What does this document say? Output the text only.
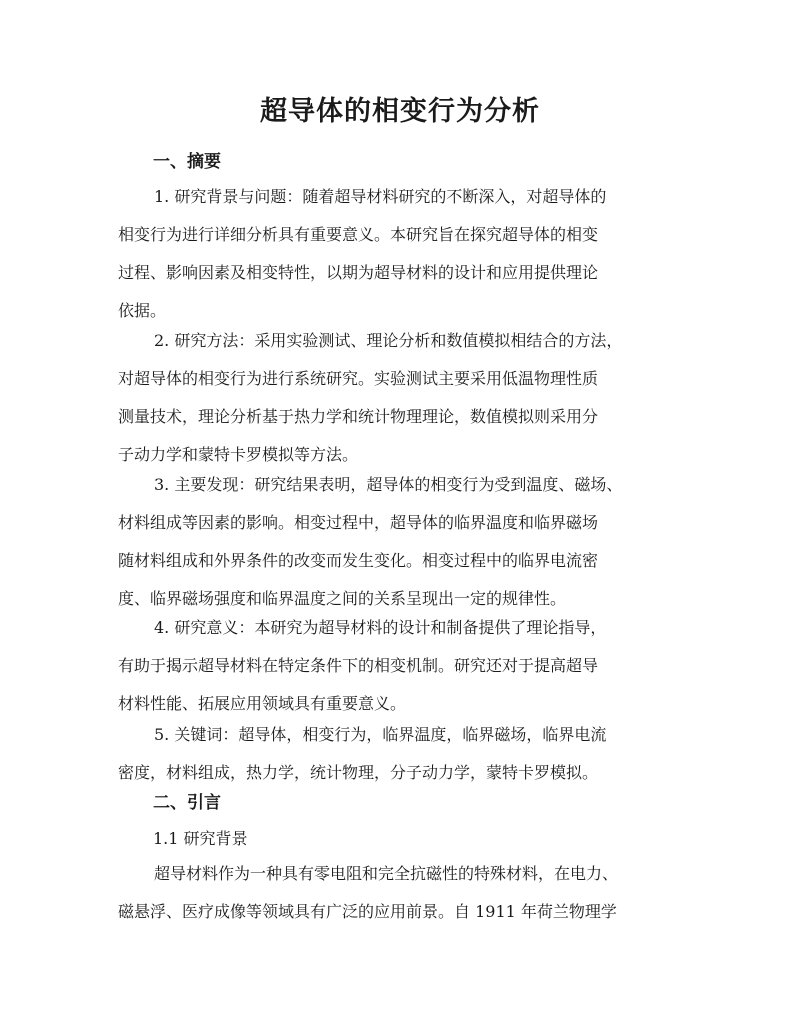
超导体的相变行为分析
一、摘要
1. 研究背景与问题：随着超导材料研究的不断深入，对超导体的
相变行为进行详细分析具有重要意义。本研究旨在探究超导体的相变
过程、影响因素及相变特性，以期为超导材料的设计和应用提供理论
依据。
2. 研究方法：采用实验测试、理论分析和数值模拟相结合的方法，
对超导体的相变行为进行系统研究。实验测试主要采用低温物理性质
测量技术，理论分析基于热力学和统计物理理论，数值模拟则采用分
子动力学和蒙特卡罗模拟等方法。
3. 主要发现：研究结果表明，超导体的相变行为受到温度、磁场、
材料组成等因素的影响。相变过程中，超导体的临界温度和临界磁场
随材料组成和外界条件的改变而发生变化。相变过程中的临界电流密
度、临界磁场强度和临界温度之间的关系呈现出一定的规律性。
4. 研究意义：本研究为超导材料的设计和制备提供了理论指导，
有助于揭示超导材料在特定条件下的相变机制。研究还对于提高超导
材料性能、拓展应用领域具有重要意义。
5. 关键词：超导体，相变行为，临界温度，临界磁场，临界电流
密度，材料组成，热力学，统计物理，分子动力学，蒙特卡罗模拟。
二、引言
1.1 研究背景
超导材料作为一种具有零电阻和完全抗磁性的特殊材料，在电力、
磁悬浮、医疗成像等领域具有广泛的应用前景。自 1911 年荷兰物理学
